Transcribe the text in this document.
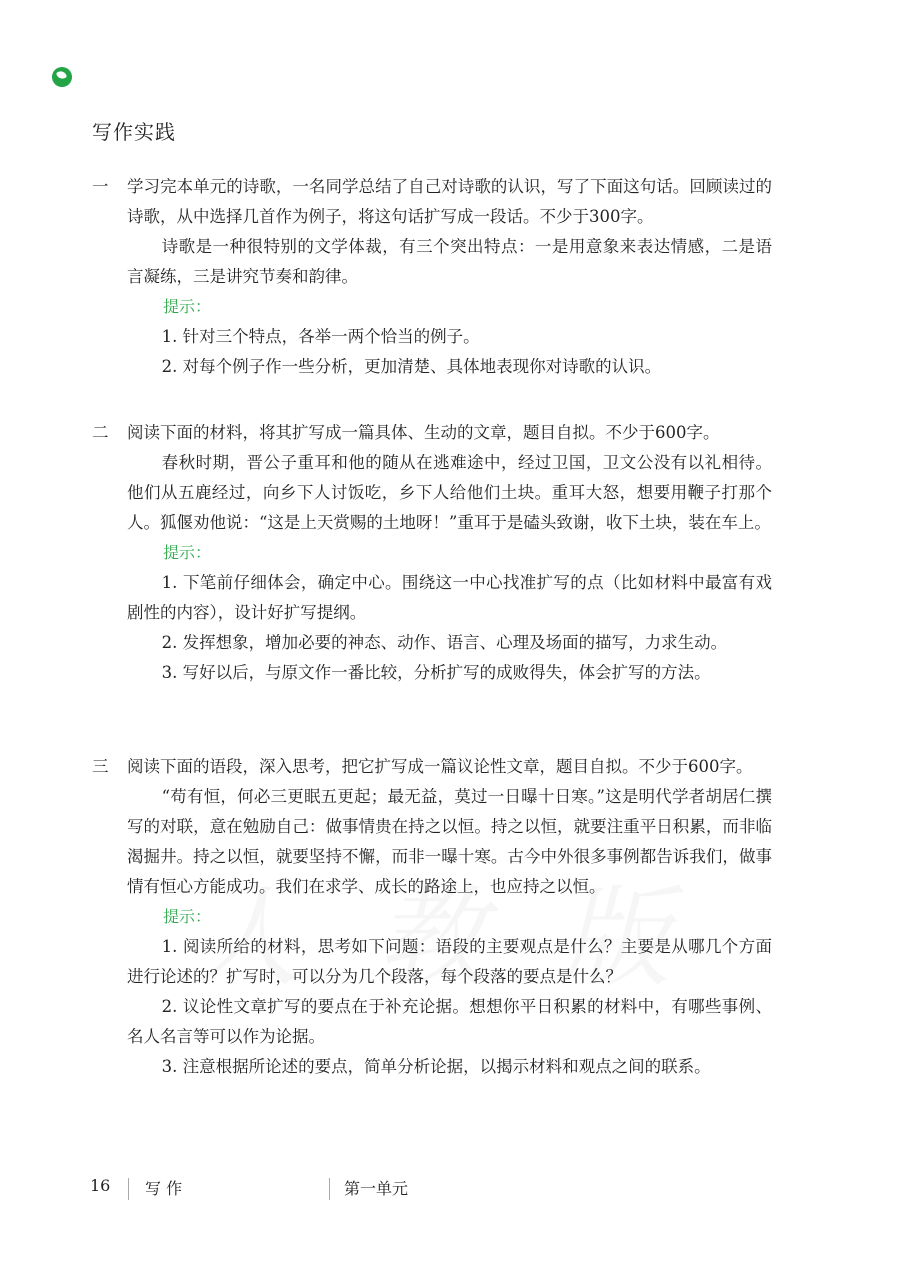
写作实践
一	学习完本单元的诗歌，一名同学总结了自己对诗歌的认识，写了下面这句话。回顾读过的诗歌，从中选择几首作为例子，将这句话扩写成一段话。不少于300字。

诗歌是一种很特别的文学体裁，有三个突出特点：一是用意象来表达情感，二是语言凝练，三是讲究节奏和韵律。

提示：

1. 针对三个特点，各举一两个恰当的例子。

2. 对每个例子作一些分析，更加清楚、具体地表现你对诗歌的认识。

二	阅读下面的材料，将其扩写成一篇具体、生动的文章，题目自拟。不少于600字。

春秋时期，晋公子重耳和他的随从在逃难途中，经过卫国，卫文公没有以礼相待。他们从五鹿经过，向乡下人讨饭吃，乡下人给他们土块。重耳大怒，想要用鞭子打那个人。狐偃劝他说：“这是上天赏赐的土地呀！”重耳于是磕头致谢，收下土块，装在车上。

提示：

1. 下笔前仔细体会，确定中心。围绕这一中心找准扩写的点（比如材料中最富有戏剧性的内容），设计好扩写提纲。

2. 发挥想象，增加必要的神态、动作、语言、心理及场面的描写，力求生动。

3. 写好以后，与原文作一番比较，分析扩写的成败得失，体会扩写的方法。

三	阅读下面的语段，深入思考，把它扩写成一篇议论性文章，题目自拟。不少于600字。

“苟有恒，何必三更眠五更起；最无益，莫过一日曝十日寒。”这是明代学者胡居仁撰写的对联，意在勉励自己：做事情贵在持之以恒。持之以恒，就要注重平日积累，而非临渴掘井。持之以恒，就要坚持不懈，而非一曝十寒。古今中外很多事例都告诉我们，做事情有恒心方能成功。我们在求学、成长的路途上，也应持之以恒。

提示：

1. 阅读所给的材料，思考如下问题：语段的主要观点是什么？主要是从哪几个方面进行论述的？扩写时，可以分为几个段落，每个段落的要点是什么？

2. 议论性文章扩写的要点在于补充论据。想想你平日积累的材料中，有哪些事例、名人名言等可以作为论据。

3. 注意根据所论述的要点，简单分析论据，以揭示材料和观点之间的联系。

16 写 作	第一单元
